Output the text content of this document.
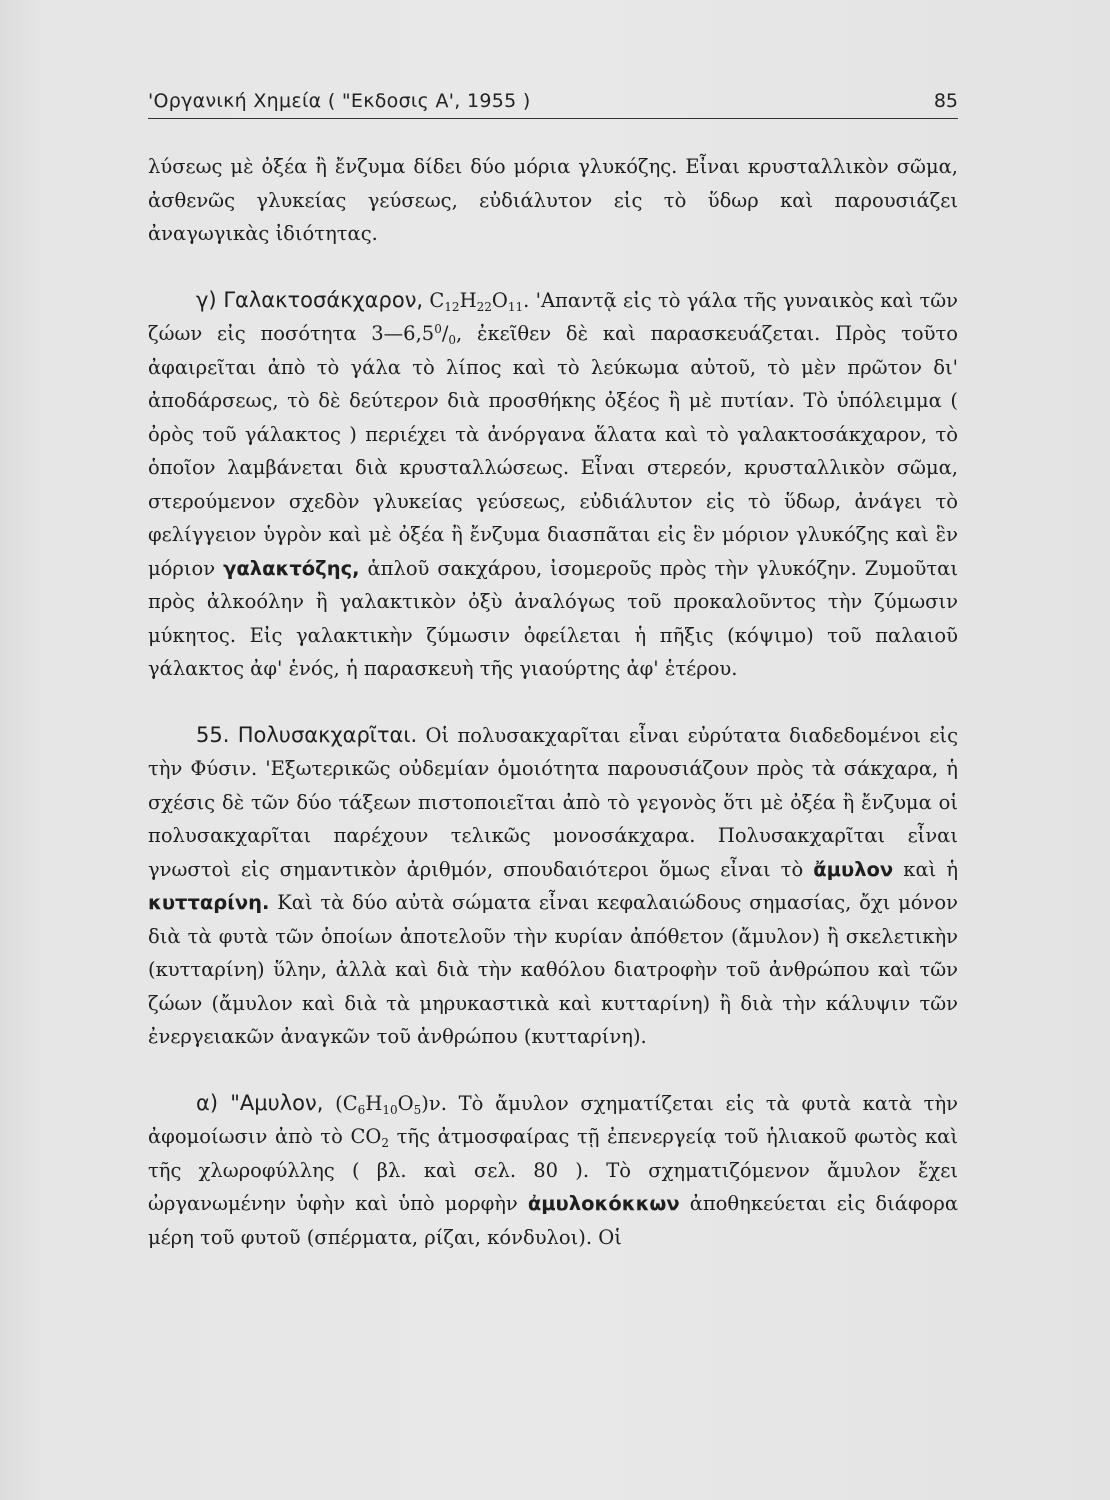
'Οργανική Χημεία ( "Εκδοσις Α', 1955 )	85

λύσεως μὲ ὀξέα ἢ ἔνζυμα δίδει δύο μόρια γλυκόζης. Εἶναι κρυσταλλικὸν σῶμα, ἀσθενῶς γλυκείας γεύσεως, εὐδιάλυτον εἰς τὸ ὕδωρ καὶ παρουσιάζει ἀναγωγικὰς ἰδιότητας.

γ) Γαλακτοσάκχαρον, $C_{12}H_{22}O_{11}$. 'Απαντᾷ εἰς τὸ γάλα τῆς γυναικὸς καὶ τῶν ζώων εἰς ποσότητα $3—6,5^0/_0$, ἐκεῖθεν δὲ καὶ παρασκευάζεται. Πρὸς τοῦτο ἀφαιρεῖται ἀπὸ τὸ γάλα τὸ λίπος καὶ τὸ λεύκωμα αὐτοῦ, τὸ μὲν πρῶτον δι' ἀποδάρσεως, τὸ δὲ δεύτερον διὰ προσθήκης ὀξέος ἢ μὲ πυτίαν. Τὸ ὑπόλειμμα ( ὀρὸς τοῦ γάλακτος ) περιέχει τὰ ἀνόργανα ἅλατα καὶ τὸ γαλακτοσάκχαρον, τὸ ὁποῖον λαμβάνεται διὰ κρυσταλλώσεως. Εἶναι στερεόν, κρυσταλλικὸν σῶμα, στερούμενον σχεδὸν γλυκείας γεύσεως, εὐδιάλυτον εἰς τὸ ὕδωρ, ἀνάγει τὸ φελίγγειον ὑγρὸν καὶ μὲ ὀξέα ἢ ἔνζυμα διασπᾶται εἰς ἓν μόριον γλυκόζης καὶ ἓν μόριον γαλακτόζης, ἁπλοῦ σακχάρου, ἰσομεροῦς πρὸς τὴν γλυκόζην. Ζυμοῦται πρὸς ἀλκοόλην ἢ γαλακτικὸν ὀξὺ ἀναλόγως τοῦ προκαλοῦντος τὴν ζύμωσιν μύκητος. Εἰς γαλακτικὴν ζύμωσιν ὀφείλεται ἡ πῆξις (κόψιμο) τοῦ παλαιοῦ γάλακτος ἀφ' ἑνός, ἡ παρασκευὴ τῆς γιαούρτης ἀφ' ἑτέρου.

55. Πολυσακχαρῖται. Οἱ πολυσακχαρῖται εἶναι εὐρύτατα διαδεδομένοι εἰς τὴν Φύσιν. 'Εξωτερικῶς οὐδεμίαν ὁμοιότητα παρουσιάζουν πρὸς τὰ σάκχαρα, ἡ σχέσις δὲ τῶν δύο τάξεων πιστοποιεῖται ἀπὸ τὸ γεγονὸς ὅτι μὲ ὀξέα ἢ ἔνζυμα οἱ πολυσακχαρῖται παρέχουν τελικῶς μονοσάκχαρα. Πολυσακχαρῖται εἶναι γνωστοὶ εἰς σημαντικὸν ἀριθμόν, σπουδαιότεροι ὅμως εἶναι τὸ ἄμυλον καὶ ἡ κυτταρίνη. Καὶ τὰ δύο αὐτὰ σώματα εἶναι κεφαλαιώδους σημασίας, ὄχι μόνον διὰ τὰ φυτὰ τῶν ὁποίων ἀποτελοῦν τὴν κυρίαν ἀπόθετον (ἄμυλον) ἢ σκελετικὴν (κυτταρίνη) ὕλην, ἀλλὰ καὶ διὰ τὴν καθόλου διατροφὴν τοῦ ἀνθρώπου καὶ τῶν ζώων (ἄμυλον καὶ διὰ τὰ μηρυκαστικὰ καὶ κυτταρίνη) ἢ διὰ τὴν κάλυψιν τῶν ἐνεργειακῶν ἀναγκῶν τοῦ ἀνθρώπου (κυτταρίνη).

α) "Αμυλον, $(C_6H_{10}O_5)\nu$. Τὸ ἄμυλον σχηματίζεται εἰς τὰ φυτὰ κατὰ τὴν ἀφομοίωσιν ἀπὸ τὸ $CO_2$ τῆς ἀτμοσφαίρας τῇ ἐπενεργείᾳ τοῦ ἡλιακοῦ φωτὸς καὶ τῆς χλωροφύλλης ( βλ. καὶ σελ. 80 ). Τὸ σχηματιζόμενον ἄμυλον ἔχει ὠργανωμένην ὑφὴν καὶ ὑπὸ μορφὴν ἀμυλοκόκκων ἀποθηκεύεται εἰς διάφορα μέρη τοῦ φυτοῦ (σπέρματα, ρίζαι, κόνδυλοι). Οἱ
